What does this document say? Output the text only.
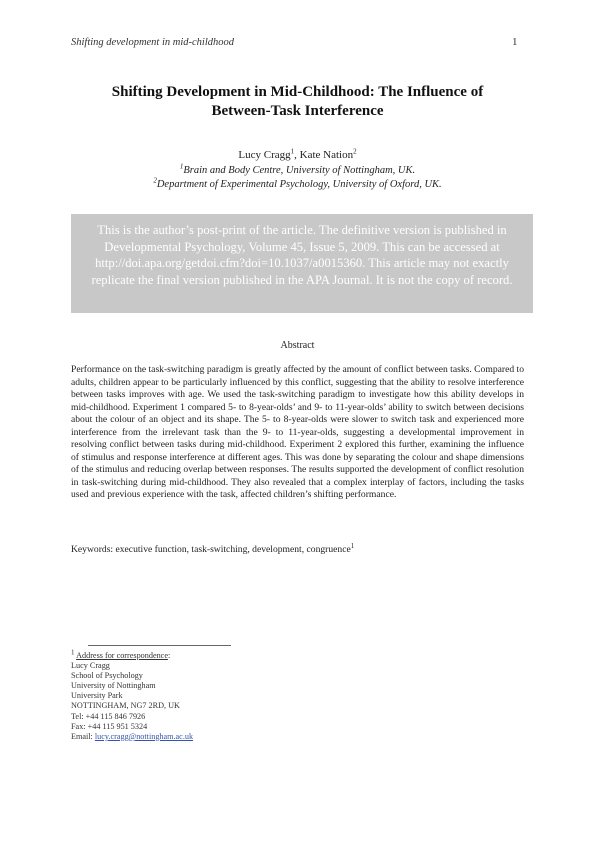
Shifting development in mid-childhood	1
Shifting Development in Mid-Childhood: The Influence of
Between-Task Interference
Lucy Cragg$^1$, Kate Nation$^2$
$^1$Brain and Body Centre, University of Nottingham, UK.
$^2$Department of Experimental Psychology, University of Oxford, UK.
This is the author’s post-print of the article. The definitive version is published in Developmental Psychology, Volume 45, Issue 5, 2009. This can be accessed at http://doi.apa.org/getdoi.cfm?doi=10.1037/a0015360. This article may not exactly replicate the final version published in the APA Journal. It is not the copy of record.
Abstract
Performance on the task-switching paradigm is greatly affected by the amount of conflict between tasks. Compared to adults, children appear to be particularly influenced by this conflict, suggesting that the ability to resolve interference between tasks improves with age. We used the task-switching paradigm to investigate how this ability develops in mid-childhood. Experiment 1 compared 5- to 8-year-olds’ and 9- to 11-year-olds’ ability to switch between decisions about the colour of an object and its shape. The 5- to 8-year-olds were slower to switch task and experienced more interference from the irrelevant task than the 9- to 11-year-olds, suggesting a developmental improvement in resolving conflict between tasks during mid-childhood. Experiment 2 explored this further, examining the influence of stimulus and response interference at different ages. This was done by separating the colour and shape dimensions of the stimulus and reducing overlap between responses. The results supported the development of conflict resolution in task-switching during mid-childhood. They also revealed that a complex interplay of factors, including the tasks used and previous experience with the task, affected children’s shifting performance.
Keywords: executive function, task-switching, development, congruence$^1$
$^1$ Address for correspondence:
Lucy Cragg
School of Psychology
University of Nottingham
University Park
NOTTINGHAM, NG7 2RD, UK
Tel: +44 115 846 7926
Fax: +44 115 951 5324
Email: lucy.cragg@nottingham.ac.uk
